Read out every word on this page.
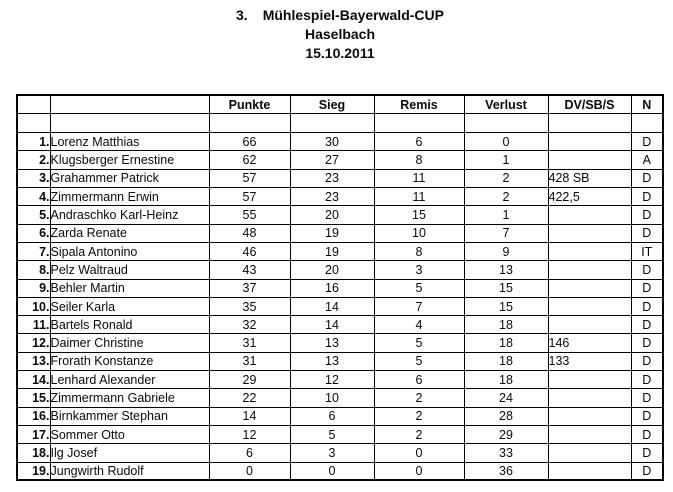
3. Mühlespiel-Bayerwald-CUP
Haselbach
15.10.2011
		Punkte	Sieg	Remis	Verlust	DV/SB/S	N

1.	Lorenz Matthias	66	30	6	0		D
2.	Klugsberger Ernestine	62	27	8	1		A
3.	Grahammer Patrick	57	23	11	2	428 SB	D
4.	Zimmermann Erwin	57	23	11	2	422,5	D
5.	Andraschko Karl-Heinz	55	20	15	1		D
6.	Zarda Renate	48	19	10	7		D
7.	Sipala Antonino	46	19	8	9		IT
8.	Pelz Waltraud	43	20	3	13		D
9.	Behler Martin	37	16	5	15		D
10.	Seiler Karla	35	14	7	15		D
11.	Bartels Ronald	32	14	4	18		D
12.	Daimer Christine	31	13	5	18	146	D
13.	Frorath Konstanze	31	13	5	18	133	D
14.	Lenhard Alexander	29	12	6	18		D
15.	Zimmermann Gabriele	22	10	2	24		D
16.	Birnkammer Stephan	14	6	2	28		D
17.	Sommer Otto	12	5	2	29		D
18.	Ilg Josef	6	3	0	33		D
19.	Jungwirth Rudolf	0	0	0	36		D
